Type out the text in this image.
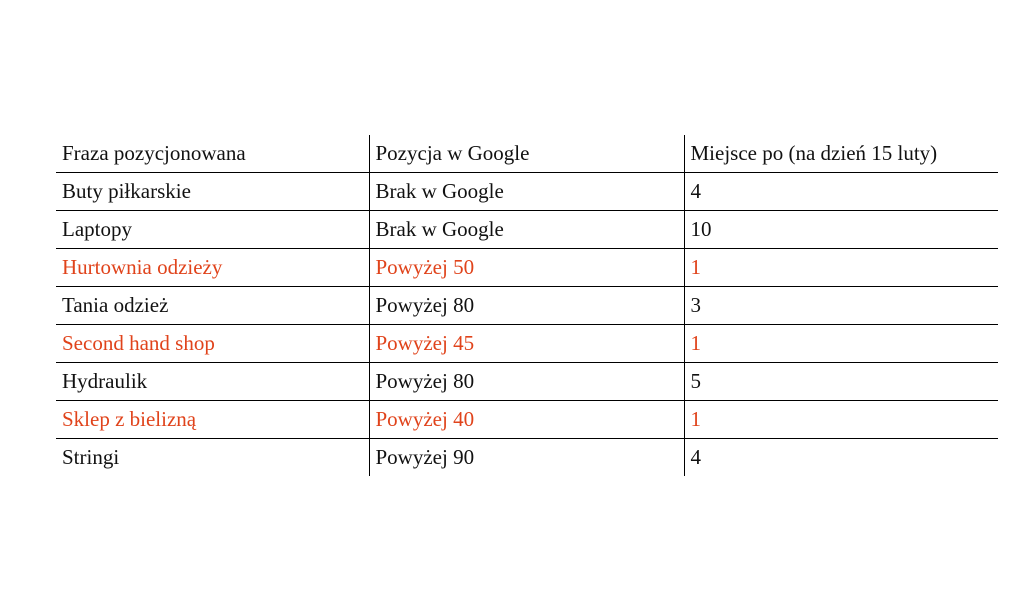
Fraza pozycjonowana	Pozycja w Google	Miejsce po (na dzień 15 luty)
Buty piłkarskie	Brak w Google	4
Laptopy	Brak w Google	10
Hurtownia odzieży	Powyżej 50	1
Tania odzież	Powyżej 80	3
Second hand shop	Powyżej 45	1
Hydraulik	Powyżej 80	5
Sklep z bielizną	Powyżej 40	1
Stringi	Powyżej 90	4
